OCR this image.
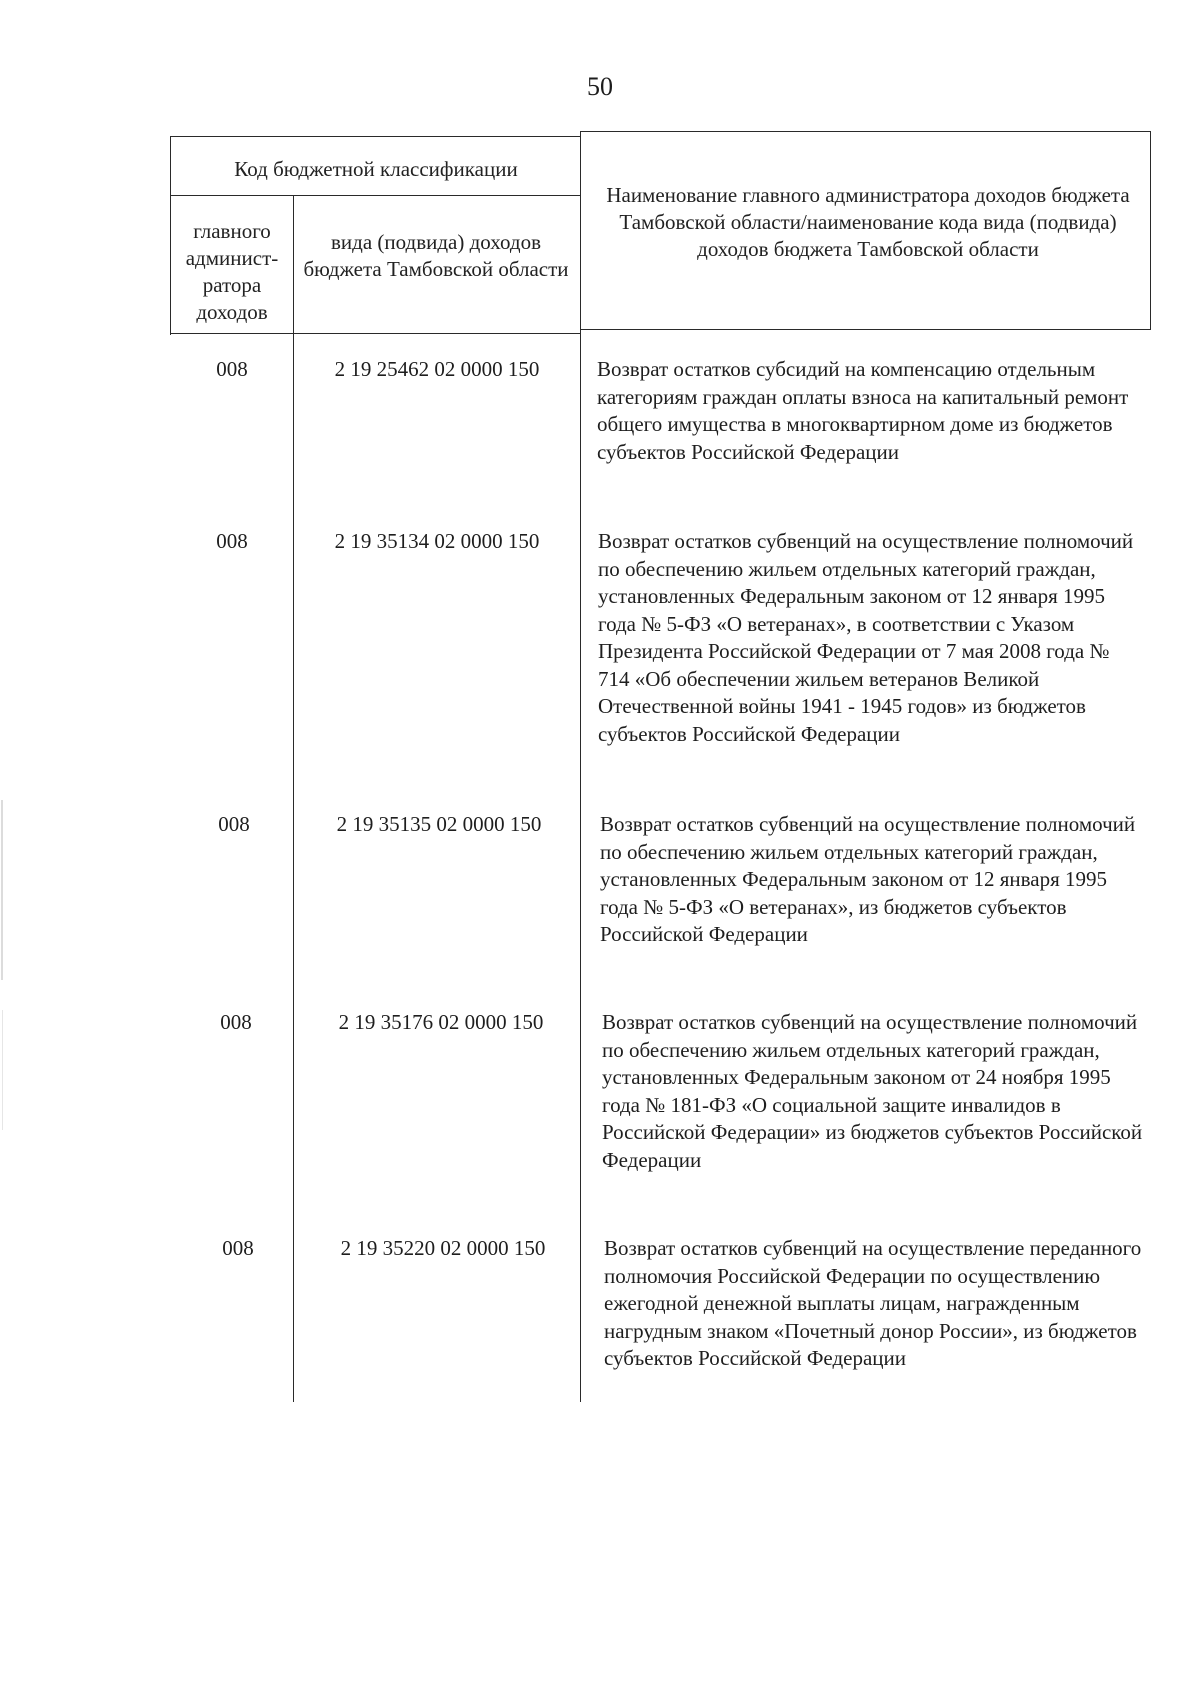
50
Код бюджетной классификации
главного админист-ратора доходов
вида (подвида) доходов бюджета Тамбовской области
Наименование главного администратора доходов бюджета Тамбовской области/наименование кода вида (подвида) доходов бюджета Тамбовской области
008	2 19 25462 02 0000 150	Возврат остатков субсидий на компенсацию отдельным категориям граждан оплаты взноса на капитальный ремонт общего имущества в многоквартирном доме из бюджетов субъектов Российской Федерации
008	2 19 35134 02 0000 150	Возврат остатков субвенций на осуществление полномочий по обеспечению жильем отдельных категорий граждан, установленных Федеральным законом от 12 января 1995 года № 5-ФЗ «О ветеранах», в соответствии с Указом Президента Российской Федерации от 7 мая 2008 года № 714 «Об обеспечении жильем ветеранов Великой Отечественной войны 1941 - 1945 годов» из бюджетов субъектов Российской Федерации
008	2 19 35135 02 0000 150	Возврат остатков субвенций на осуществление полномочий по обеспечению жильем отдельных категорий граждан, установленных Федеральным законом от 12 января 1995 года № 5-ФЗ «О ветеранах», из бюджетов субъектов Российской Федерации
008	2 19 35176 02 0000 150	Возврат остатков субвенций на осуществление полномочий по обеспечению жильем отдельных категорий граждан, установленных Федеральным законом от 24 ноября 1995 года № 181-ФЗ «О социальной защите инвалидов в Российской Федерации» из бюджетов субъектов Российской Федерации
008	2 19 35220 02 0000 150	Возврат остатков субвенций на осуществление переданного полномочия Российской Федерации по осуществлению ежегодной денежной выплаты лицам, награжденным нагрудным знаком «Почетный донор России», из бюджетов субъектов Российской Федерации
